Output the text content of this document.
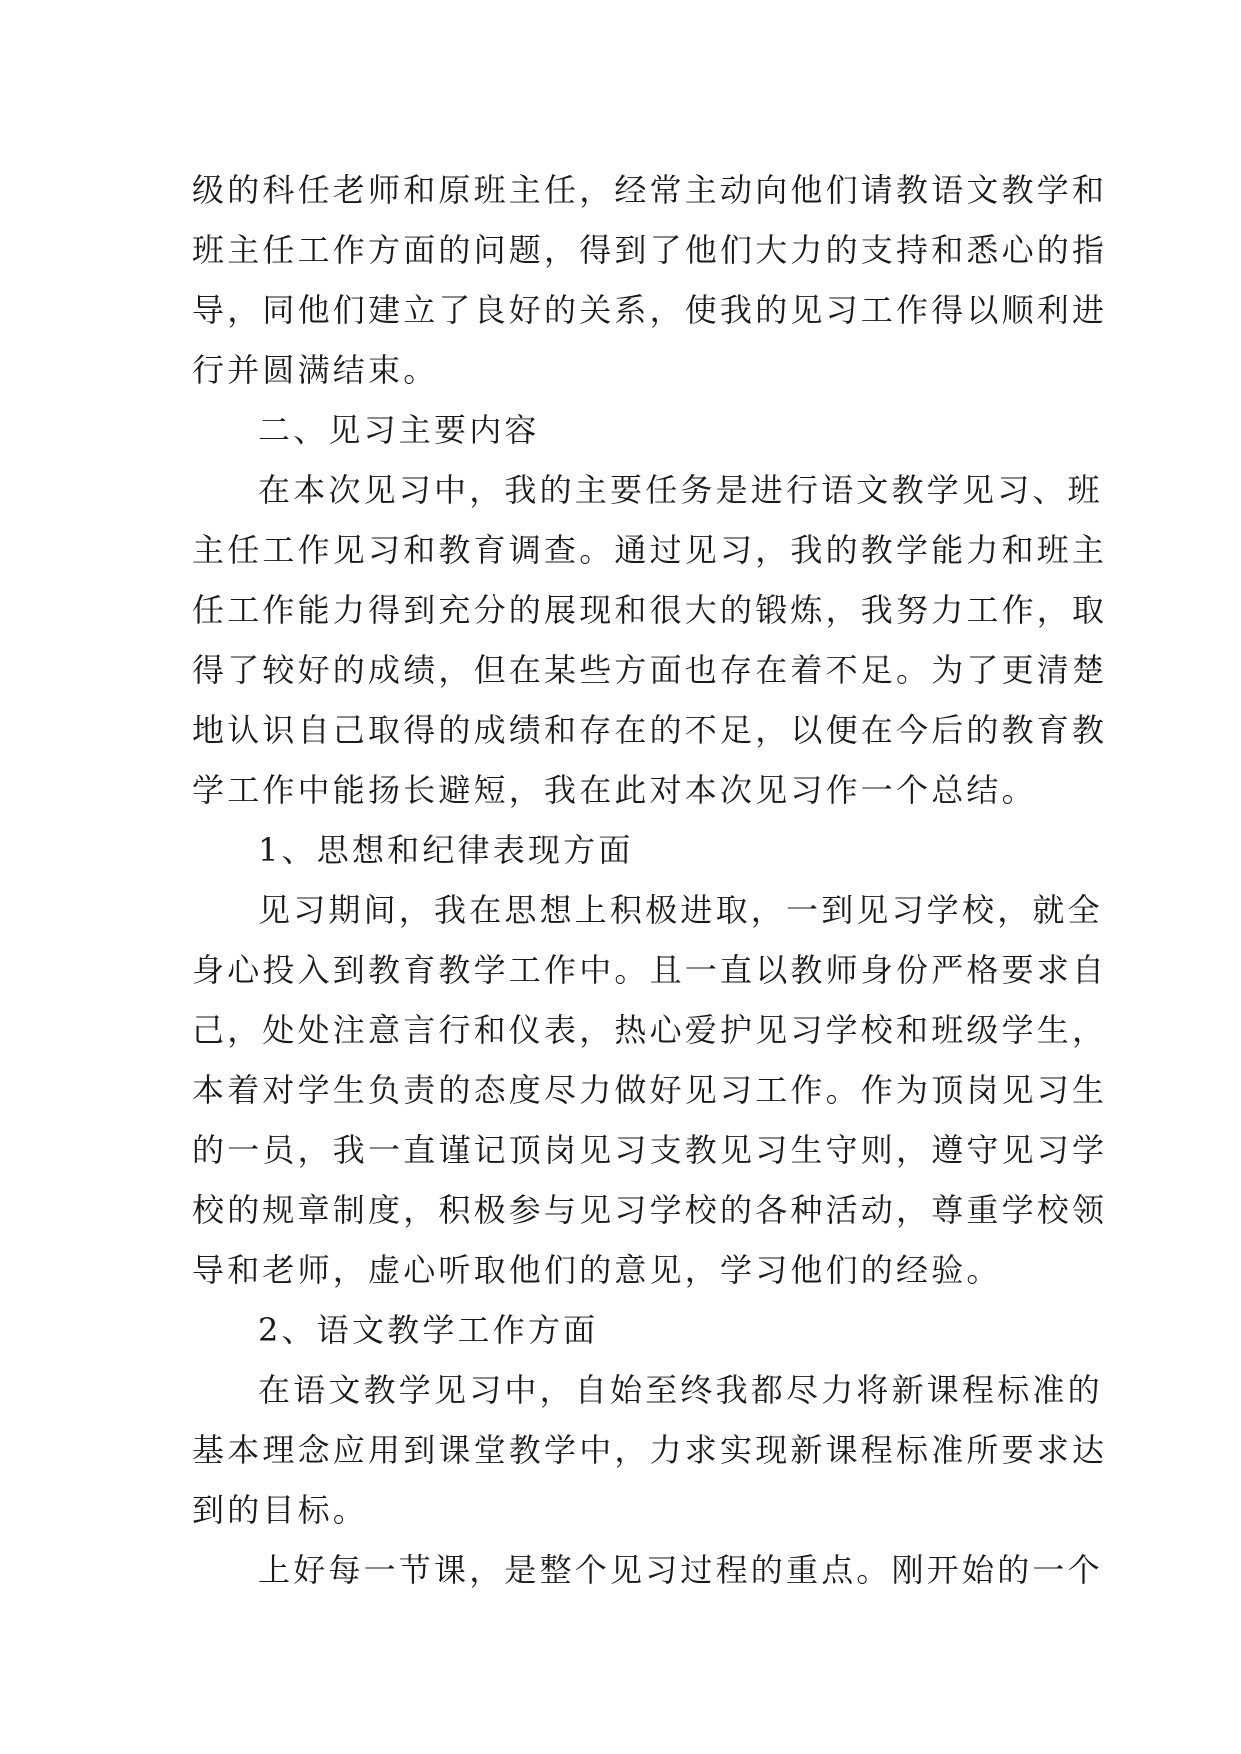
级的科任老师和原班主任，经常主动向他们请教语文教学和
班主任工作方面的问题，得到了他们大力的支持和悉心的指
导，同他们建立了良好的关系，使我的见习工作得以顺利进
行并圆满结束。
二、见习主要内容
在本次见习中，我的主要任务是进行语文教学见习、班
主任工作见习和教育调查。通过见习，我的教学能力和班主
任工作能力得到充分的展现和很大的锻炼，我努力工作，取
得了较好的成绩，但在某些方面也存在着不足。为了更清楚
地认识自己取得的成绩和存在的不足，以便在今后的教育教
学工作中能扬长避短，我在此对本次见习作一个总结。
1、思想和纪律表现方面
见习期间，我在思想上积极进取，一到见习学校，就全
身心投入到教育教学工作中。且一直以教师身份严格要求自
己，处处注意言行和仪表，热心爱护见习学校和班级学生，
本着对学生负责的态度尽力做好见习工作。作为顶岗见习生
的一员，我一直谨记顶岗见习支教见习生守则，遵守见习学
校的规章制度，积极参与见习学校的各种活动，尊重学校领
导和老师，虚心听取他们的意见，学习他们的经验。
2、语文教学工作方面
在语文教学见习中，自始至终我都尽力将新课程标准的
基本理念应用到课堂教学中，力求实现新课程标准所要求达
到的目标。
上好每一节课，是整个见习过程的重点。刚开始的一个
